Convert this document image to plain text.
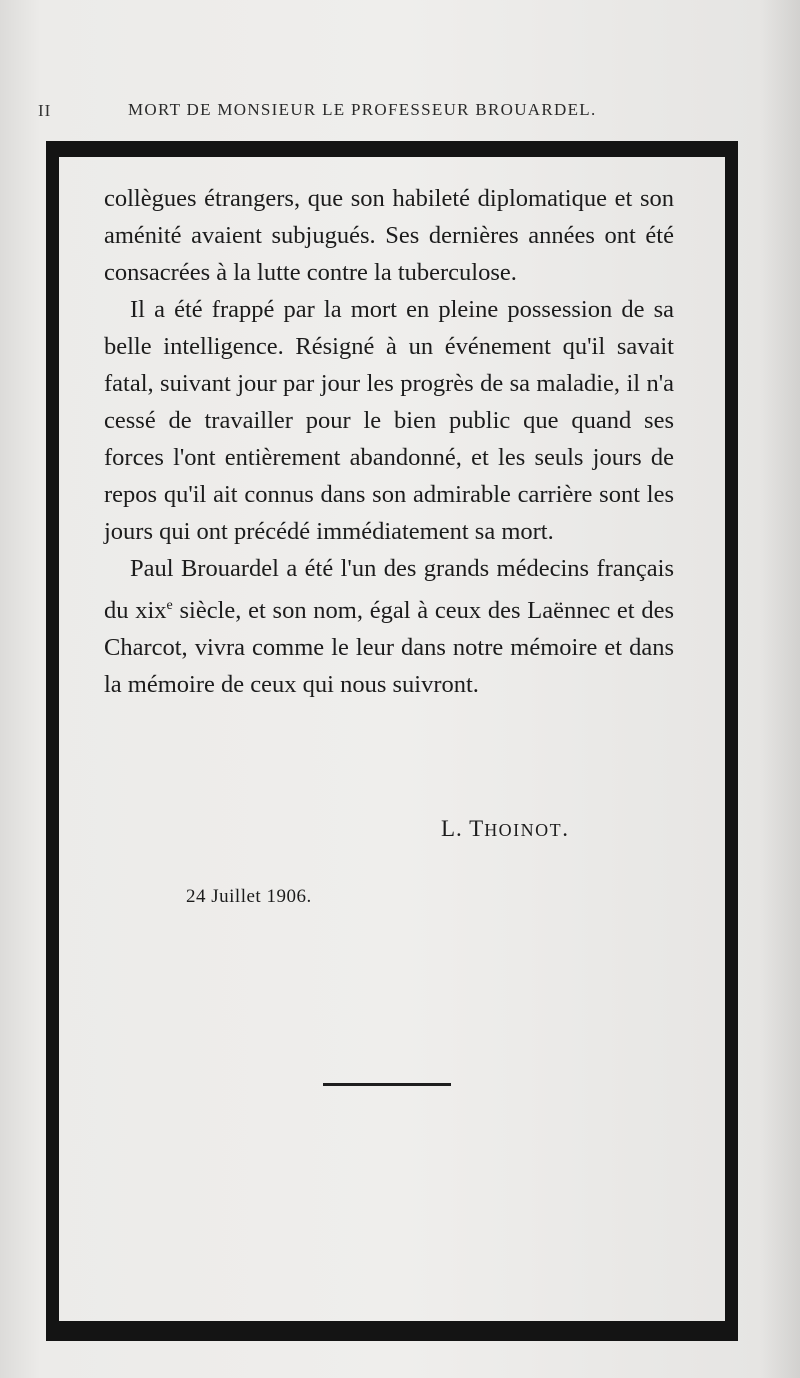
II	MORT DE MONSIEUR LE PROFESSEUR BROUARDEL.

collègues étrangers, que son habileté diplomatique et son aménité avaient subjugués. Ses dernières années ont été consacrées à la lutte contre la tuberculose.

Il a été frappé par la mort en pleine possession de sa belle intelligence. Résigné à un événement qu'il savait fatal, suivant jour par jour les progrès de sa maladie, il n'a cessé de travailler pour le bien public que quand ses forces l'ont entièrement abandonné, et les seuls jours de repos qu'il ait connus dans son admirable carrière sont les jours qui ont précédé immédiatement sa mort.

Paul Brouardel a été l'un des grands médecins français du xix$^e$ siècle, et son nom, égal à ceux des Laënnec et des Charcot, vivra comme le leur dans notre mémoire et dans la mémoire de ceux qui nous suivront.

L. THOINOT.
24 Juillet 1906.
